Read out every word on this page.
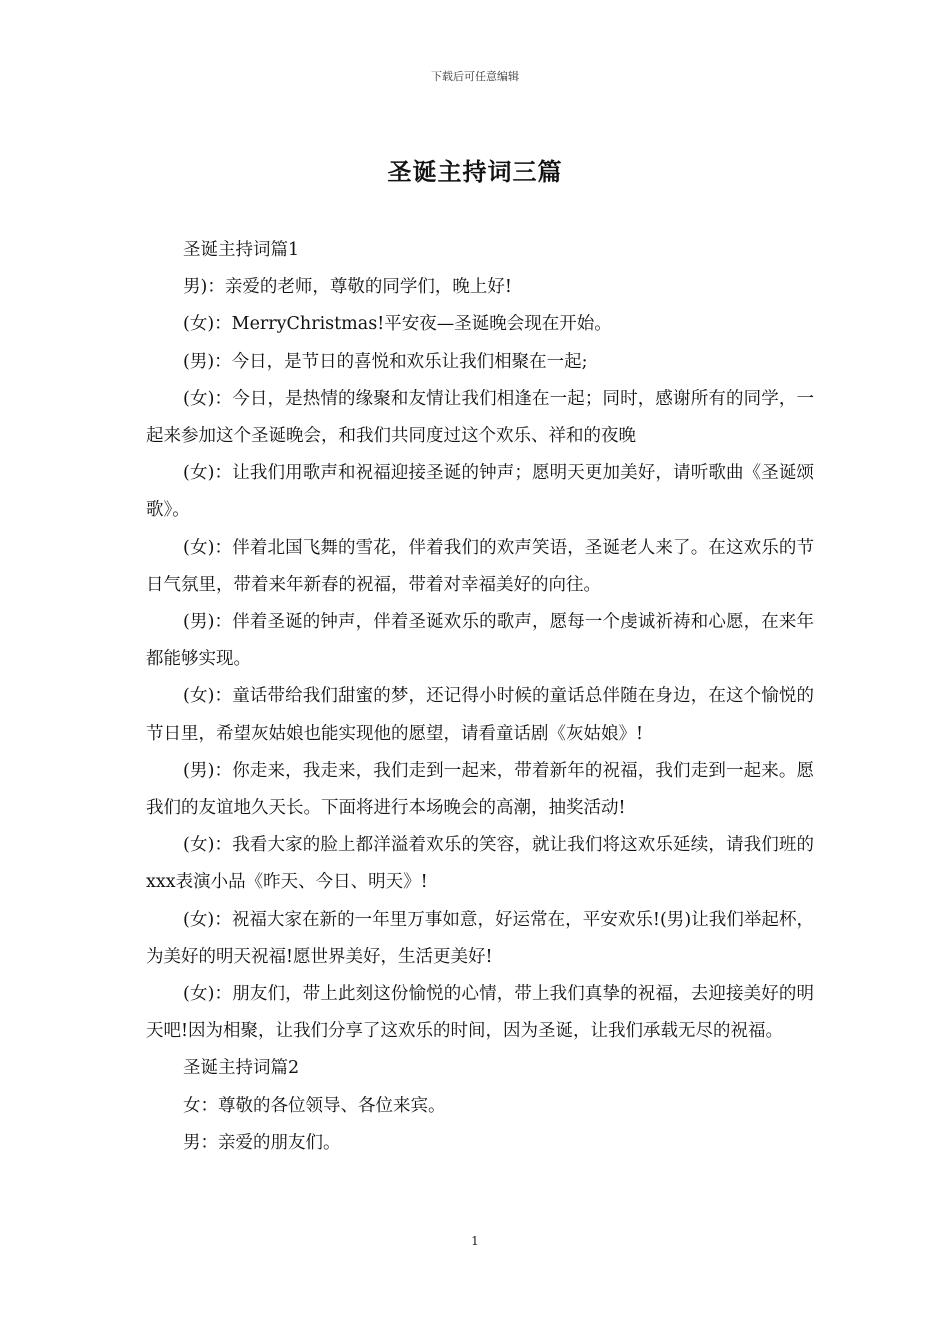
下载后可任意编辑
圣诞主持词三篇

圣诞主持词篇1

男)：亲爱的老师，尊敬的同学们，晚上好!

(女)：MerryChristmas!平安夜—圣诞晚会现在开始。

(男)：今日，是节日的喜悦和欢乐让我们相聚在一起;

(女)：今日，是热情的缘聚和友情让我们相逢在一起；同时，感谢所有的同学，一起来参加这个圣诞晚会，和我们共同度过这个欢乐、祥和的夜晚

(女)：让我们用歌声和祝福迎接圣诞的钟声；愿明天更加美好，请听歌曲《圣诞颂歌》。

(女)：伴着北国飞舞的雪花，伴着我们的欢声笑语，圣诞老人来了。在这欢乐的节日气氛里，带着来年新春的祝福，带着对幸福美好的向往。

(男)：伴着圣诞的钟声，伴着圣诞欢乐的歌声，愿每一个虔诚祈祷和心愿，在来年都能够实现。

(女)：童话带给我们甜蜜的梦，还记得小时候的童话总伴随在身边，在这个愉悦的节日里，希望灰姑娘也能实现他的愿望，请看童话剧《灰姑娘》!

(男)：你走来，我走来，我们走到一起来，带着新年的祝福，我们走到一起来。愿我们的友谊地久天长。下面将进行本场晚会的高潮，抽奖活动!

(女)：我看大家的脸上都洋溢着欢乐的笑容，就让我们将这欢乐延续，请我们班的xxx表演小品《昨天、今日、明天》!

(女)：祝福大家在新的一年里万事如意，好运常在，平安欢乐!(男)让我们举起杯，为美好的明天祝福!愿世界美好，生活更美好!

(女)：朋友们，带上此刻这份愉悦的心情，带上我们真挚的祝福，去迎接美好的明天吧!因为相聚，让我们分享了这欢乐的时间，因为圣诞，让我们承载无尽的祝福。

圣诞主持词篇2

女：尊敬的各位领导、各位来宾。

男：亲爱的朋友们。

1
